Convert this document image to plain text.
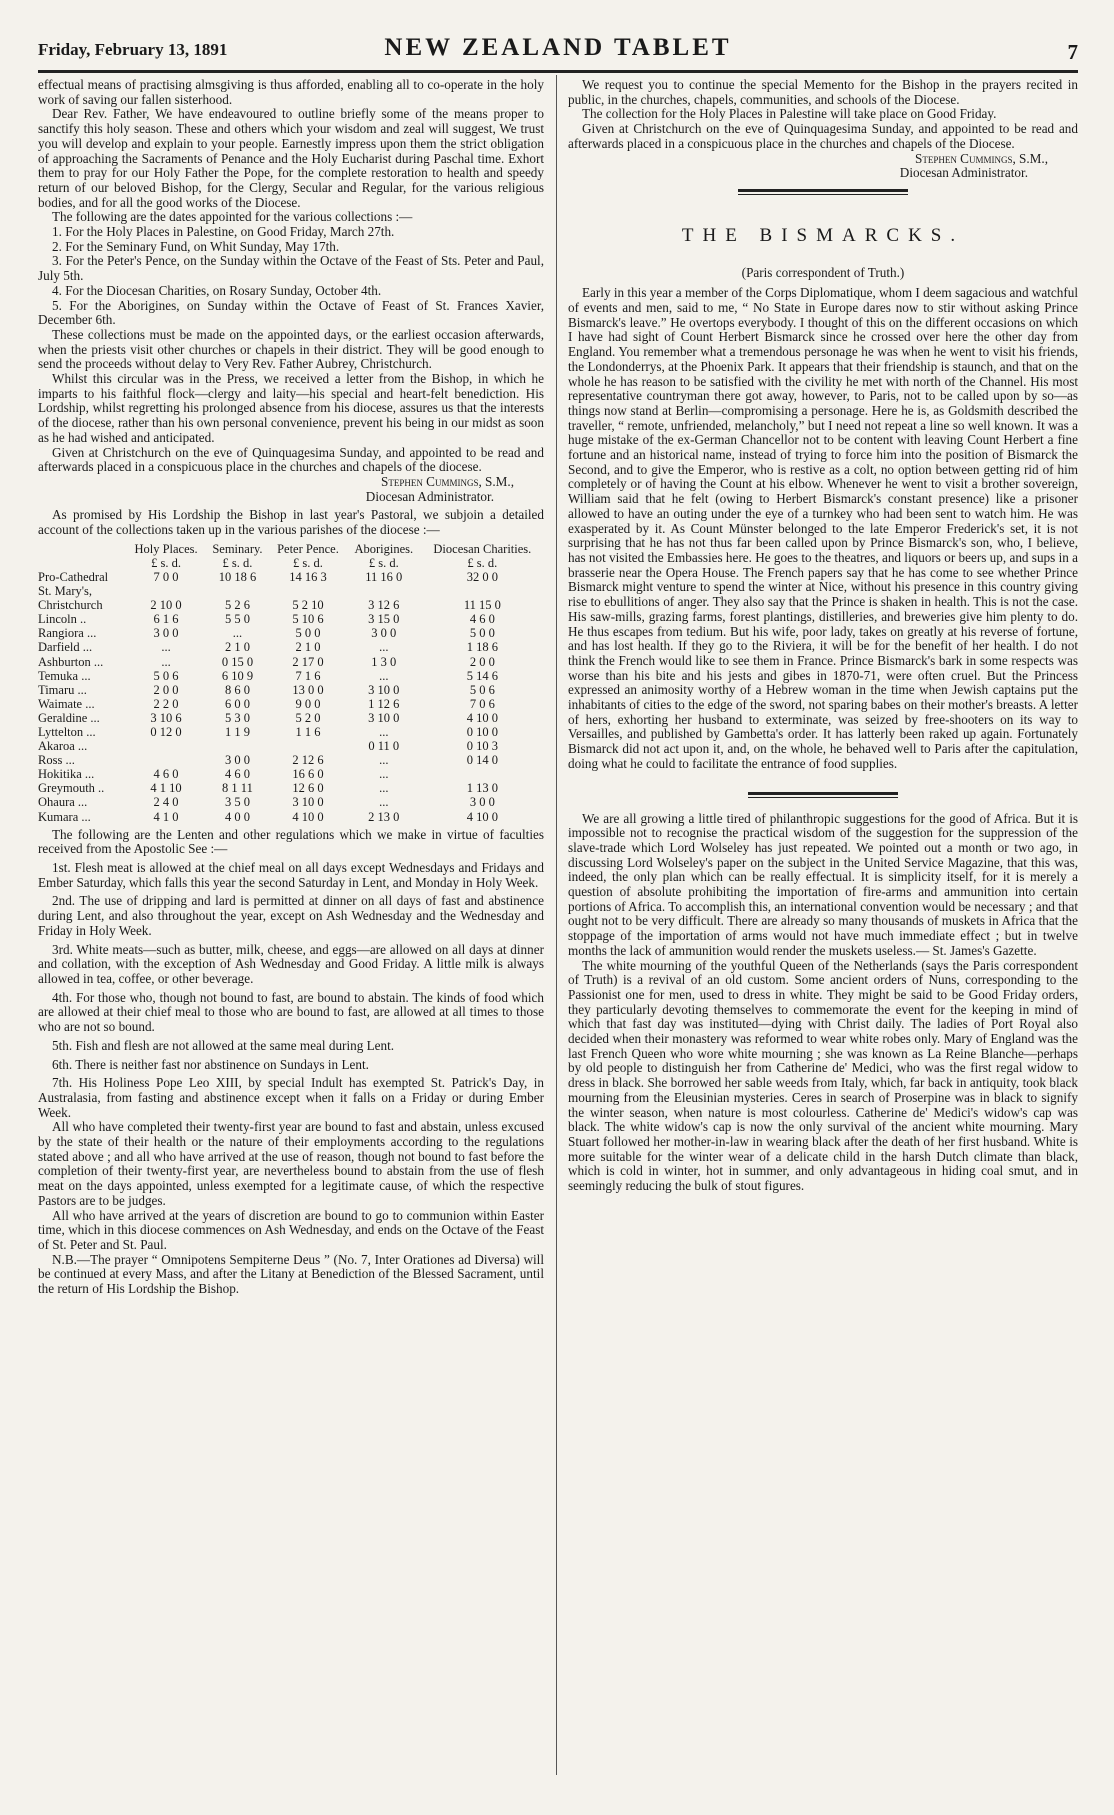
Friday, February 13, 1891	NEW ZEALAND TABLET	7

effectual means of practising almsgiving is thus afforded, enabling all to co-operate in the holy work of saving our fallen sisterhood.

Dear Rev. Father, We have endeavoured to outline briefly some of the means proper to sanctify this holy season. These and others which your wisdom and zeal will suggest, We trust you will develop and explain to your people. Earnestly impress upon them the strict obligation of approaching the Sacraments of Penance and the Holy Eucharist during Paschal time. Exhort them to pray for our Holy Father the Pope, for the complete restoration to health and speedy return of our beloved Bishop, for the Clergy, Secular and Regular, for the various religious bodies, and for all the good works of the Diocese.

The following are the dates appointed for the various collections :—

1. For the Holy Places in Palestine, on Good Friday, March 27th.

2. For the Seminary Fund, on Whit Sunday, May 17th.

3. For the Peter's Pence, on the Sunday within the Octave of the Feast of Sts. Peter and Paul, July 5th.

4. For the Diocesan Charities, on Rosary Sunday, October 4th.

5. For the Aborigines, on Sunday within the Octave of Feast of St. Frances Xavier, December 6th.

These collections must be made on the appointed days, or the earliest occasion afterwards, when the priests visit other churches or chapels in their district. They will be good enough to send the proceeds without delay to Very Rev. Father Aubrey, Christchurch.

Whilst this circular was in the Press, we received a letter from the Bishop, in which he imparts to his faithful flock—clergy and laity—his special and heart-felt benediction. His Lordship, whilst regretting his prolonged absence from his diocese, assures us that the interests of the diocese, rather than his own personal convenience, prevent his being in our midst as soon as he had wished and anticipated.

Given at Christchurch on the eve of Quinquagesima Sunday, and appointed to be read and afterwards placed in a conspicuous place in the churches and chapels of the diocese.

Stephen Cummings, S.M.,

Diocesan Administrator.

As promised by His Lordship the Bishop in last year's Pastoral, we subjoin a detailed account of the collections taken up in the various parishes of the diocese :—

	Holy Places.	Seminary.	Peter Pence.	Aborigines.	Diocesan Charities.
	£ s. d.	£ s. d.	£ s. d.	£ s. d.	£ s. d.
Pro-Cathedral	7 0 0	10 18 6	14 16 3	11 16 0	32 0 0
St. Mary's,					
Christchurch	2 10 0	5 2 6	5 2 10	3 12 6	11 15 0
Lincoln ..	6 1 6	5 5 0	5 10 6	3 15 0	4 6 0
Rangiora ...	3 0 0	...	5 0 0	3 0 0	5 0 0
Darfield ...	...	2 1 0	2 1 0	...	1 18 6
Ashburton ...	...	0 15 0	2 17 0	1 3 0	2 0 0
Temuka ...	5 0 6	6 10 9	7 1 6	...	5 14 6
Timaru ...	2 0 0	8 6 0	13 0 0	3 10 0	5 0 6
Waimate ...	2 2 0	6 0 0	9 0 0	1 12 6	7 0 6
Geraldine ...	3 10 6	5 3 0	5 2 0	3 10 0	4 10 0
Lyttelton ...	0 12 0	1 1 9	1 1 6	...	0 10 0
Akaroa ...				0 11 0	0 10 3
Ross ...		3 0 0	2 12 6	...	0 14 0
Hokitika ...	4 6 0	4 6 0	16 6 0	...	
Greymouth ..	4 1 10	8 1 11	12 6 0	...	1 13 0
Ohaura ...	2 4 0	3 5 0	3 10 0	...	3 0 0
Kumara ...	4 1 0	4 0 0	4 10 0	2 13 0	4 10 0

The following are the Lenten and other regulations which we make in virtue of faculties received from the Apostolic See :—

1st. Flesh meat is allowed at the chief meal on all days except Wednesdays and Fridays and Ember Saturday, which falls this year the second Saturday in Lent, and Monday in Holy Week.

2nd. The use of dripping and lard is permitted at dinner on all days of fast and abstinence during Lent, and also throughout the year, except on Ash Wednesday and the Wednesday and Friday in Holy Week.

3rd. White meats—such as butter, milk, cheese, and eggs—are allowed on all days at dinner and collation, with the exception of Ash Wednesday and Good Friday. A little milk is always allowed in tea, coffee, or other beverage.

4th. For those who, though not bound to fast, are bound to abstain. The kinds of food which are allowed at their chief meal to those who are bound to fast, are allowed at all times to those who are not so bound.

5th. Fish and flesh are not allowed at the same meal during Lent.

6th. There is neither fast nor abstinence on Sundays in Lent.

7th. His Holiness Pope Leo XIII, by special Indult has exempted St. Patrick's Day, in Australasia, from fasting and abstinence except when it falls on a Friday or during Ember Week.

All who have completed their twenty-first year are bound to fast and abstain, unless excused by the state of their health or the nature of their employments according to the regulations stated above ; and all who have arrived at the use of reason, though not bound to fast before the completion of their twenty-first year, are nevertheless bound to abstain from the use of flesh meat on the days appointed, unless exempted for a legitimate cause, of which the respective Pastors are to be judges.

All who have arrived at the years of discretion are bound to go to communion within Easter time, which in this diocese commences on Ash Wednesday, and ends on the Octave of the Feast of St. Peter and St. Paul.

N.B.—The prayer “ Omnipotens Sempiterne Deus ” (No. 7, Inter Orationes ad Diversa) will be continued at every Mass, and after the Litany at Benediction of the Blessed Sacrament, until the return of His Lordship the Bishop.

We request you to continue the special Memento for the Bishop in the prayers recited in public, in the churches, chapels, communities, and schools of the Diocese.

The collection for the Holy Places in Palestine will take place on Good Friday.

Given at Christchurch on the eve of Quinquagesima Sunday, and appointed to be read and afterwards placed in a conspicuous place in the churches and chapels of the Diocese.

Stephen Cummings, S.M.,

Diocesan Administrator.

THE BISMARCKS.
(Paris correspondent of Truth.)

Early in this year a member of the Corps Diplomatique, whom I deem sagacious and watchful of events and men, said to me, “ No State in Europe dares now to stir without asking Prince Bismarck's leave.” He overtops everybody. I thought of this on the different occasions on which I have had sight of Count Herbert Bismarck since he crossed over here the other day from England. You remember what a tremendous personage he was when he went to visit his friends, the Londonderrys, at the Phoenix Park. It appears that their friendship is staunch, and that on the whole he has reason to be satisfied with the civility he met with north of the Channel. His most representative countryman there got away, however, to Paris, not to be called upon by so—as things now stand at Berlin—compromising a personage. Here he is, as Goldsmith described the traveller, “ remote, unfriended, melancholy,” but I need not repeat a line so well known. It was a huge mistake of the ex-German Chancellor not to be content with leaving Count Herbert a fine fortune and an historical name, instead of trying to force him into the position of Bismarck the Second, and to give the Emperor, who is restive as a colt, no option between getting rid of him completely or of having the Count at his elbow. Whenever he went to visit a brother sovereign, William said that he felt (owing to Herbert Bismarck's constant presence) like a prisoner allowed to have an outing under the eye of a turnkey who had been sent to watch him. He was exasperated by it. As Count Münster belonged to the late Emperor Frederick's set, it is not surprising that he has not thus far been called upon by Prince Bismarck's son, who, I believe, has not visited the Embassies here. He goes to the theatres, and liquors or beers up, and sups in a brasserie near the Opera House. The French papers say that he has come to see whether Prince Bismarck might venture to spend the winter at Nice, without his presence in this country giving rise to ebullitions of anger. They also say that the Prince is shaken in health. This is not the case. His saw-mills, grazing farms, forest plantings, distilleries, and breweries give him plenty to do. He thus escapes from tedium. But his wife, poor lady, takes on greatly at his reverse of fortune, and has lost health. If they go to the Riviera, it will be for the benefit of her health. I do not think the French would like to see them in France. Prince Bismarck's bark in some respects was worse than his bite and his jests and gibes in 1870-71, were often cruel. But the Princess expressed an animosity worthy of a Hebrew woman in the time when Jewish captains put the inhabitants of cities to the edge of the sword, not sparing babes on their mother's breasts. A letter of hers, exhorting her husband to exterminate, was seized by free-shooters on its way to Versailles, and published by Gambetta's order. It has latterly been raked up again. Fortunately Bismarck did not act upon it, and, on the whole, he behaved well to Paris after the capitulation, doing what he could to facilitate the entrance of food supplies.

We are all growing a little tired of philanthropic suggestions for the good of Africa. But it is impossible not to recognise the practical wisdom of the suggestion for the suppression of the slave-trade which Lord Wolseley has just repeated. We pointed out a month or two ago, in discussing Lord Wolseley's paper on the subject in the United Service Magazine, that this was, indeed, the only plan which can be really effectual. It is simplicity itself, for it is merely a question of absolute prohibiting the importation of fire-arms and ammunition into certain portions of Africa. To accomplish this, an international convention would be necessary ; and that ought not to be very difficult. There are already so many thousands of muskets in Africa that the stoppage of the importation of arms would not have much immediate effect ; but in twelve months the lack of ammunition would render the muskets useless.— St. James's Gazette.

The white mourning of the youthful Queen of the Netherlands (says the Paris correspondent of Truth) is a revival of an old custom. Some ancient orders of Nuns, corresponding to the Passionist one for men, used to dress in white. They might be said to be Good Friday orders, they particularly devoting themselves to commemorate the event for the keeping in mind of which that fast day was instituted—dying with Christ daily. The ladies of Port Royal also decided when their monastery was reformed to wear white robes only. Mary of England was the last French Queen who wore white mourning ; she was known as La Reine Blanche—perhaps by old people to distinguish her from Catherine de' Medici, who was the first regal widow to dress in black. She borrowed her sable weeds from Italy, which, far back in antiquity, took black mourning from the Eleusinian mysteries. Ceres in search of Proserpine was in black to signify the winter season, when nature is most colourless. Catherine de' Medici's widow's cap was black. The white widow's cap is now the only survival of the ancient white mourning. Mary Stuart followed her mother-in-law in wearing black after the death of her first husband. White is more suitable for the winter wear of a delicate child in the harsh Dutch climate than black, which is cold in winter, hot in summer, and only advantageous in hiding coal smut, and in seemingly reducing the bulk of stout figures.
